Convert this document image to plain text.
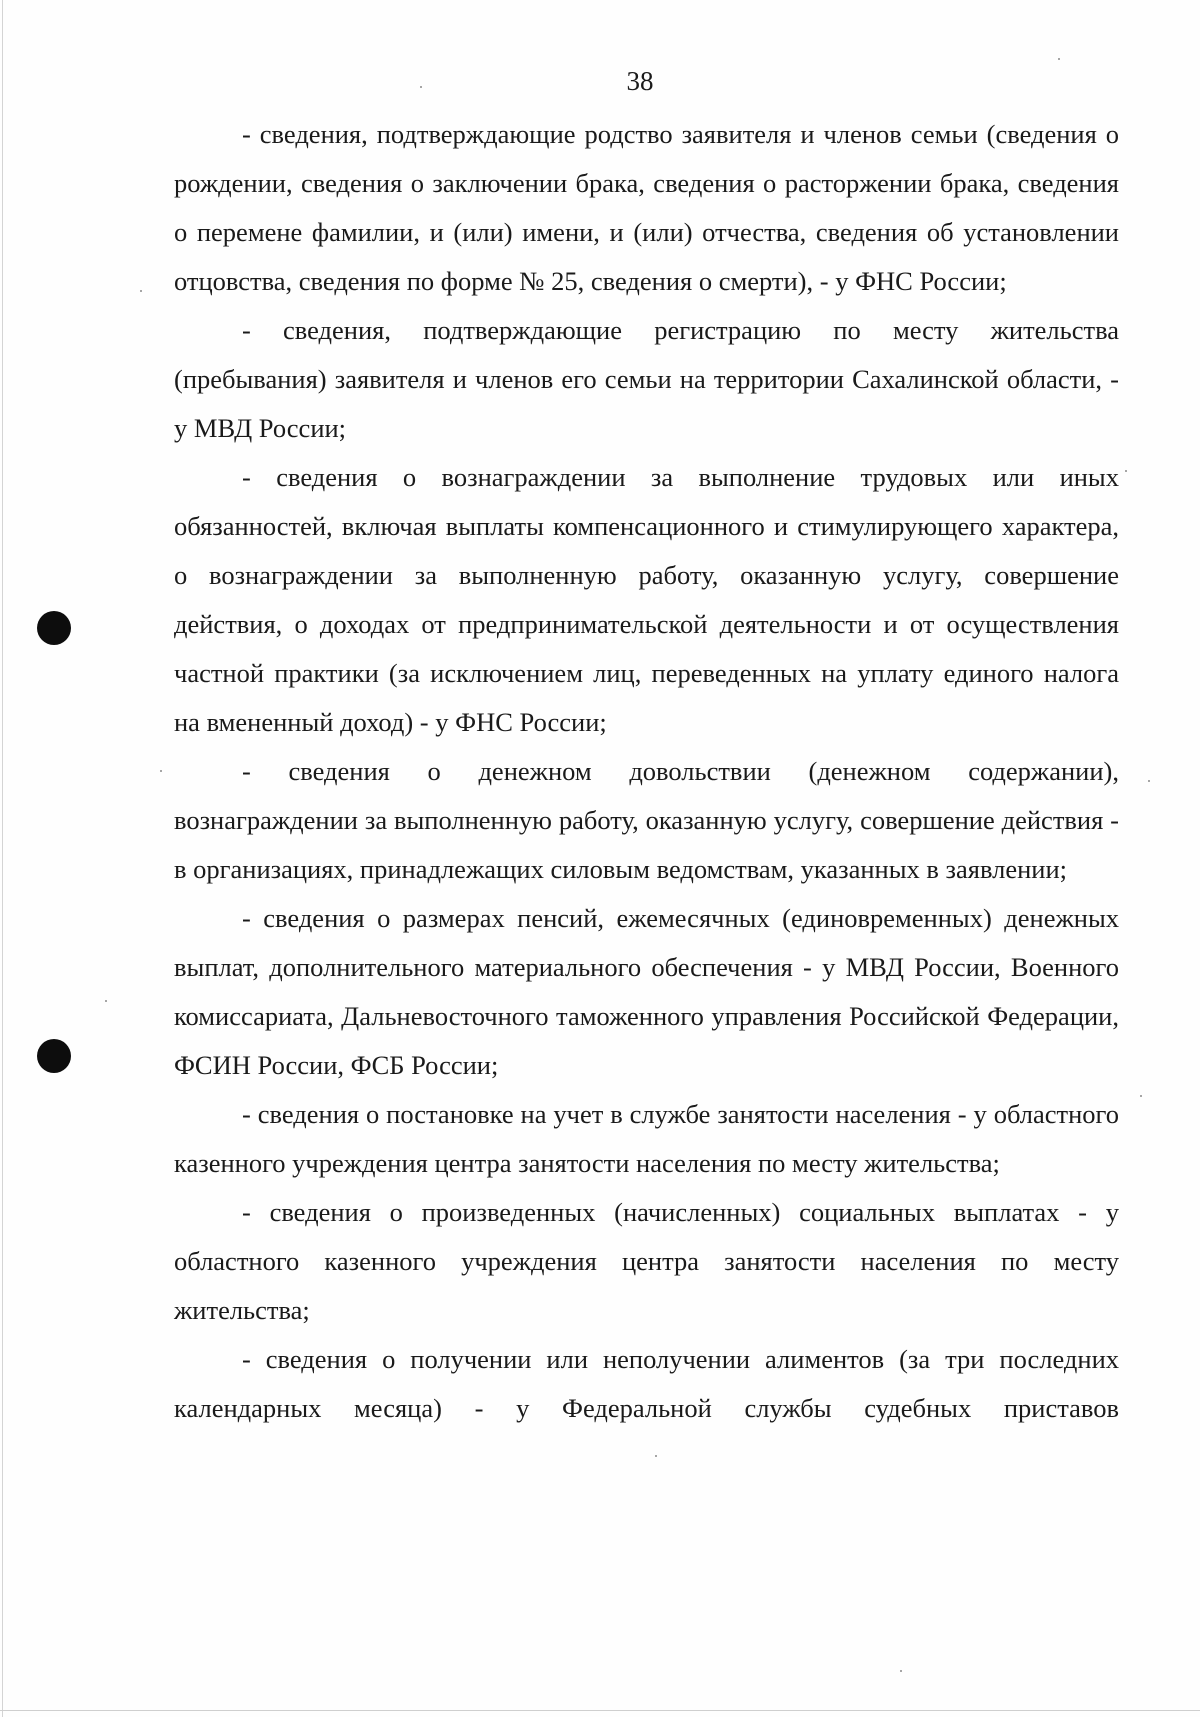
38

- сведения, подтверждающие родство заявителя и членов семьи (сведения о рождении, сведения о заключении брака, сведения о расторжении брака, сведения о перемене фамилии, и (или) имени, и (или) отчества, сведения об установлении отцовства, сведения по форме № 25, сведения о смерти), - у ФНС России;

- сведения, подтверждающие регистрацию по месту жительства (пребывания) заявителя и членов его семьи на территории Сахалинской области, - у МВД России;

- сведения о вознаграждении за выполнение трудовых или иных обязанностей, включая выплаты компенсационного и стимулирующего характера, о вознаграждении за выполненную работу, оказанную услугу, совершение действия, о доходах от предпринимательской деятельности и от осуществления частной практики (за исключением лиц, переведенных на уплату единого налога на вмененный доход) - у ФНС России;

- сведения о денежном довольствии (денежном содержании), вознаграждении за выполненную работу, оказанную услугу, совершение действия - в организациях, принадлежащих силовым ведомствам, указанных в заявлении;

- сведения о размерах пенсий, ежемесячных (единовременных) денежных выплат, дополнительного материального обеспечения - у МВД России, Военного комиссариата, Дальневосточного таможенного управления Российской Федерации, ФСИН России, ФСБ России;

- сведения о постановке на учет в службе занятости населения - у областного казенного учреждения центра занятости населения по месту жительства;

- сведения о произведенных (начисленных) социальных выплатах - у областного казенного учреждения центра занятости населения по месту жительства;

- сведения о получении или неполучении алиментов (за три последних календарных месяца) - у Федеральной службы судебных приставов
